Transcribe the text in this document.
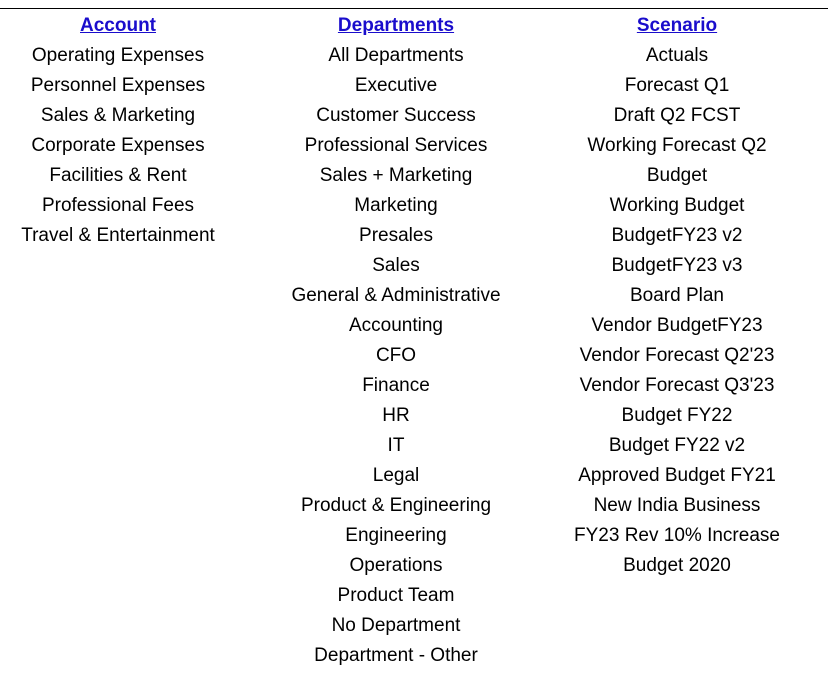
Account
Operating Expenses
Personnel Expenses
Sales & Marketing
Corporate Expenses
Facilities & Rent
Professional Fees
Travel & Entertainment
Departments
All Departments
Executive
Customer Success
Professional Services
Sales + Marketing
Marketing
Presales
Sales
General & Administrative
Accounting
CFO
Finance
HR
IT
Legal
Product & Engineering
Engineering
Operations
Product Team
No Department
Department - Other
Scenario
Actuals
Forecast Q1
Draft Q2 FCST
Working Forecast Q2
Budget
Working Budget
BudgetFY23 v2
BudgetFY23 v3
Board Plan
Vendor BudgetFY23
Vendor Forecast Q2'23
Vendor Forecast Q3'23
Budget FY22
Budget FY22 v2
Approved Budget FY21
New India Business
FY23 Rev 10% Increase
Budget 2020
